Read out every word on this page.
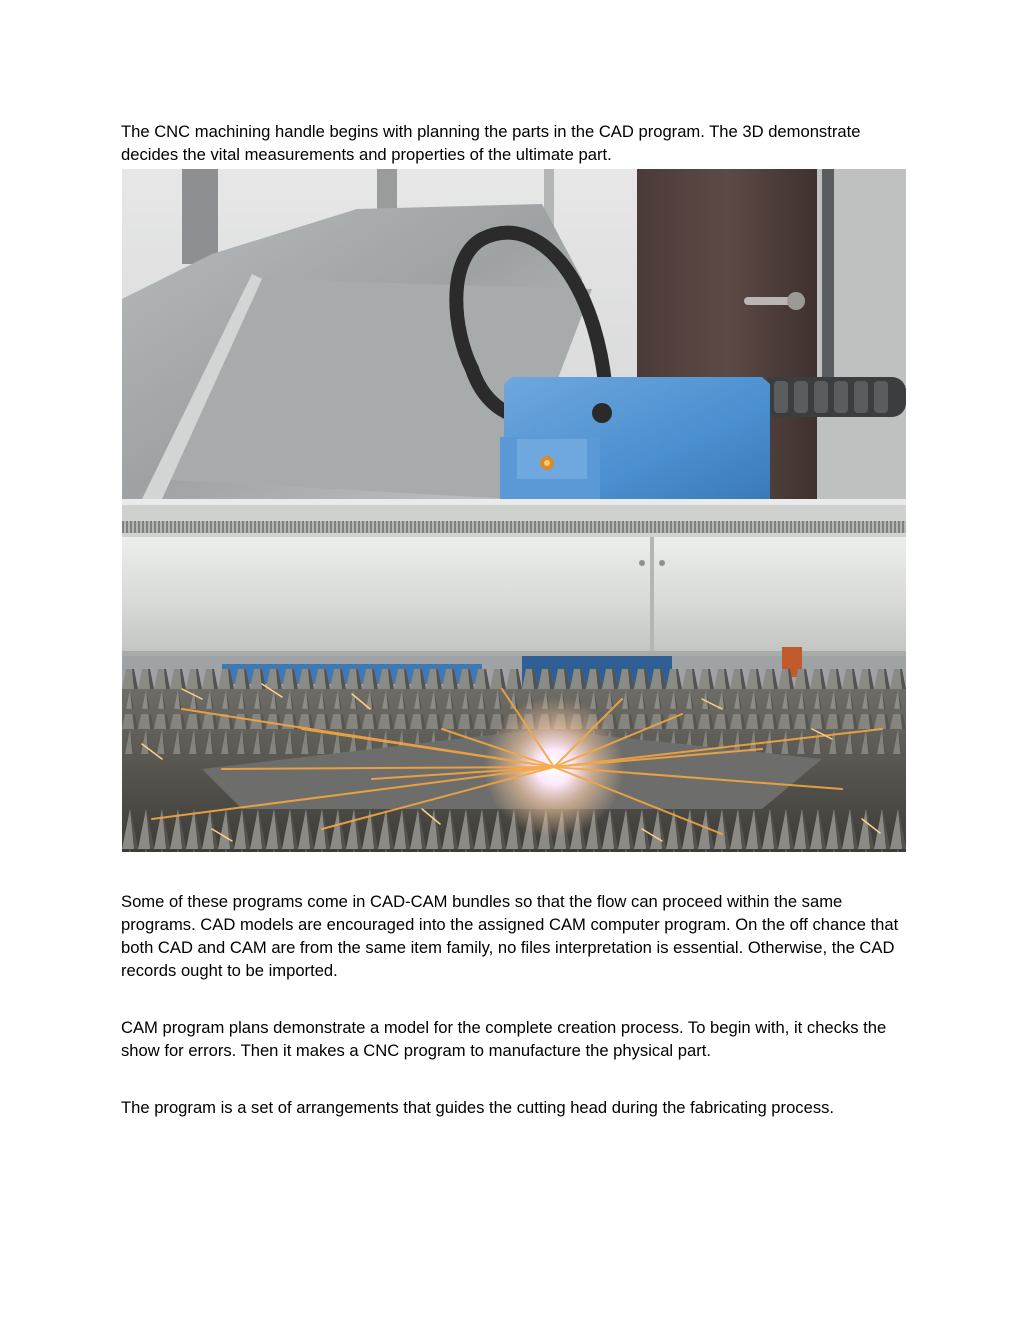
The CNC machining handle begins with planning the parts in the CAD program. The 3D demonstrate decides the vital measurements and properties of the ultimate part.

Some of these programs come in CAD-CAM bundles so that the flow can proceed within the same programs. CAD models are encouraged into the assigned CAM computer program. On the off chance that both CAD and CAM are from the same item family, no files interpretation is essential. Otherwise, the CAD records ought to be imported.

CAM program plans demonstrate a model for the complete creation process. To begin with, it checks the show for errors. Then it makes a CNC program to manufacture the physical part.

The program is a set of arrangements that guides the cutting head during the fabricating process.
